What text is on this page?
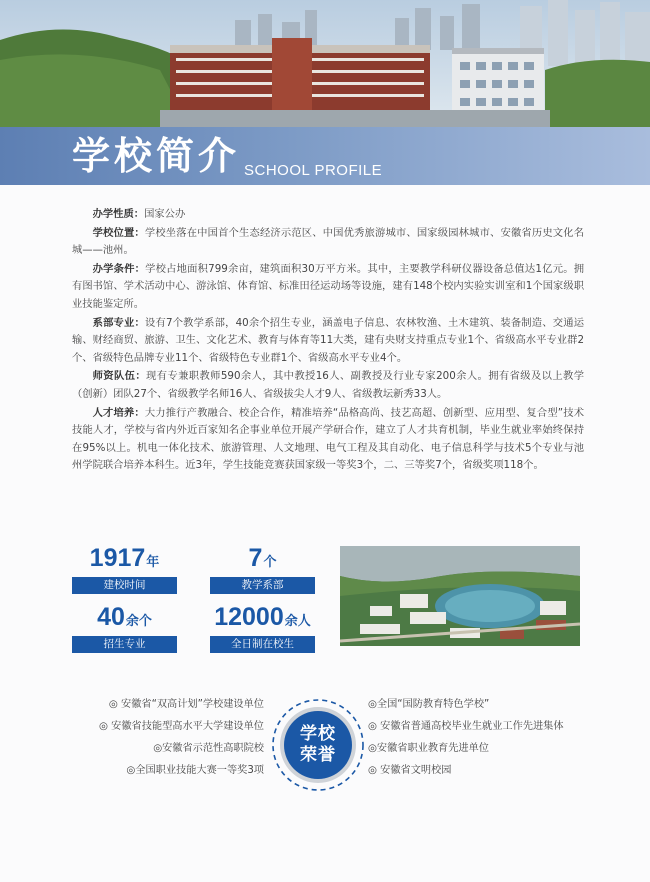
学校简介 SCHOOL PROFILE

办学性质：国家公办

学校位置：学校坐落在中国首个生态经济示范区、中国优秀旅游城市、国家级园林城市、安徽省历史文化名城——池州。

办学条件：学校占地面积799余亩，建筑面积30万平方米。其中，主要教学科研仪器设备总值达1亿元。拥有图书馆、学术活动中心、游泳馆、体育馆、标准田径运动场等设施，建有148个校内实验实训室和1个国家级职业技能鉴定所。

系部专业：设有7个教学系部，40余个招生专业，涵盖电子信息、农林牧渔、土木建筑、装备制造、交通运输、财经商贸、旅游、卫生、文化艺术、教育与体育等11大类，建有央财支持重点专业1个、省级高水平专业群2个、省级特色品牌专业11个、省级特色专业群1个、省级高水平专业4个。

师资队伍：现有专兼职教师590余人，其中教授16人、副教授及行业专家200余人。拥有省级及以上教学（创新）团队27个、省级教学名师16人、省级拔尖人才9人、省级教坛新秀33人。

人才培养：大力推行产教融合、校企合作，精准培养“品格高尚、技艺高超、创新型、应用型、复合型”技术技能人才，学校与省内外近百家知名企事业单位开展产学研合作，建立了人才共育机制，毕业生就业率始终保持在95%以上。机电一体化技术、旅游管理、人文地理、电气工程及其自动化、电子信息科学与技术5个专业与池州学院联合培养本科生。近3年，学生技能竞赛获国家级一等奖3个，二、三等奖7个，省级奖项118个。

1917年
建校时间
7个
教学系部
40余个
招生专业
12000余人
全日制在校生
学校
荣誉
◎ 安徽省“双高计划”学校建设单位
◎ 安徽省技能型高水平大学建设单位
◎安徽省示范性高职院校
◎全国职业技能大赛一等奖3项
◎全国“国防教育特色学校”
◎ 安徽省普通高校毕业生就业工作先进集体
◎安徽省职业教育先进单位
◎ 安徽省文明校园
